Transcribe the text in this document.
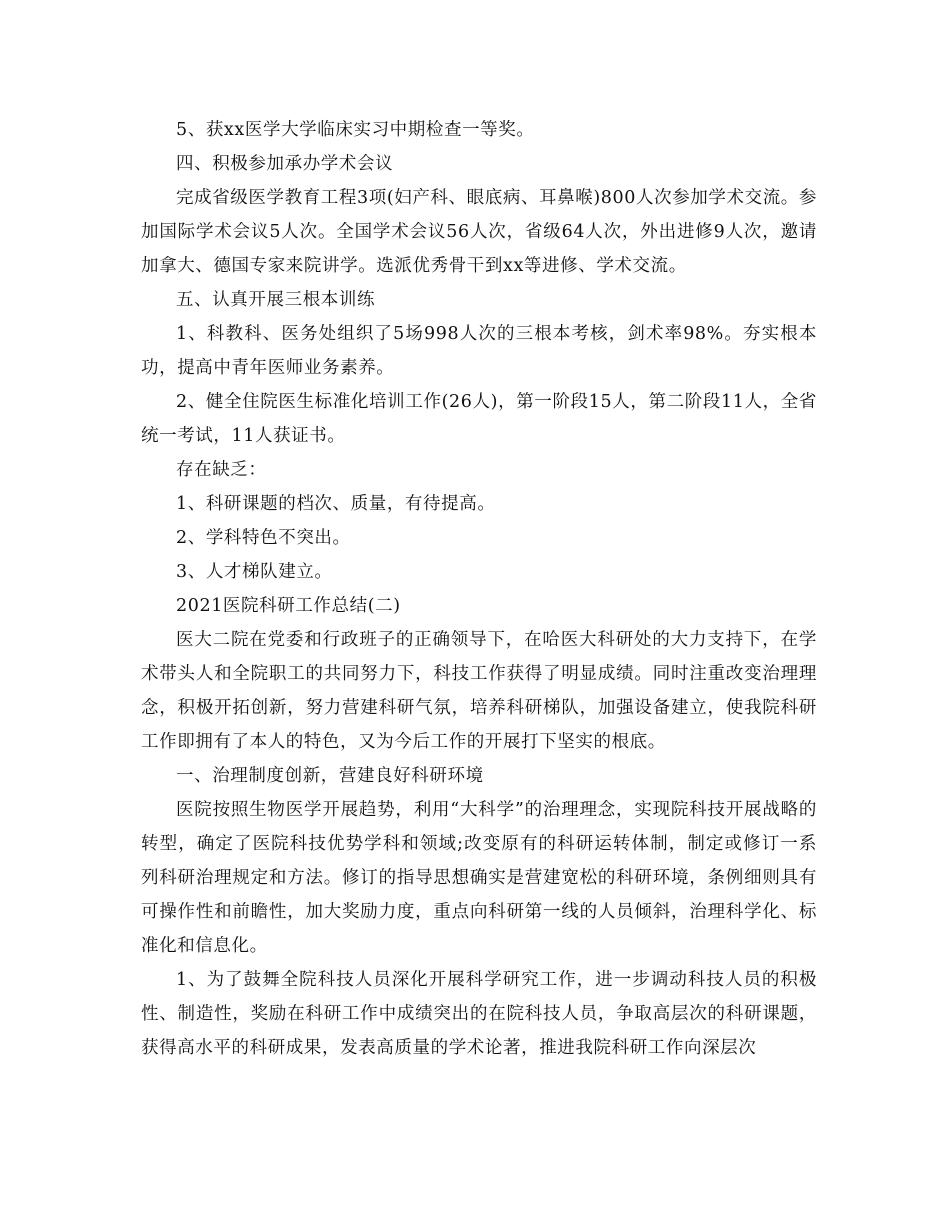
5、获xx医学大学临床实习中期检查一等奖。

四、积极参加承办学术会议

完成省级医学教育工程3项(妇产科、眼底病、耳鼻喉)800人次参加学术交流。参加国际学术会议5人次。全国学术会议56人次，省级64人次，外出进修9人次，邀请加拿大、德国专家来院讲学。选派优秀骨干到xx等进修、学术交流。

五、认真开展三根本训练

1、科教科、医务处组织了5场998人次的三根本考核，剑术率98%。夯实根本功，提高中青年医师业务素养。

2、健全住院医生标准化培训工作(26人)，第一阶段15人，第二阶段11人，全省统一考试，11人获证书。

存在缺乏：

1、科研课题的档次、质量，有待提高。

2、学科特色不突出。

3、人才梯队建立。

2021医院科研工作总结(二)

医大二院在党委和行政班子的正确领导下，在哈医大科研处的大力支持下，在学术带头人和全院职工的共同努力下，科技工作获得了明显成绩。同时注重改变治理理念，积极开拓创新，努力营建科研气氛，培养科研梯队，加强设备建立，使我院科研工作即拥有了本人的特色，又为今后工作的开展打下坚实的根底。

一、治理制度创新，营建良好科研环境

医院按照生物医学开展趋势，利用“大科学”的治理理念，实现院科技开展战略的转型，确定了医院科技优势学科和领域;改变原有的科研运转体制，制定或修订一系列科研治理规定和方法。修订的指导思想确实是营建宽松的科研环境，条例细则具有可操作性和前瞻性，加大奖励力度，重点向科研第一线的人员倾斜，治理科学化、标准化和信息化。

1、为了鼓舞全院科技人员深化开展科学研究工作，进一步调动科技人员的积极性、制造性，奖励在科研工作中成绩突出的在院科技人员，争取高层次的科研课题，获得高水平的科研成果，发表高质量的学术论著，推进我院科研工作向深层次
